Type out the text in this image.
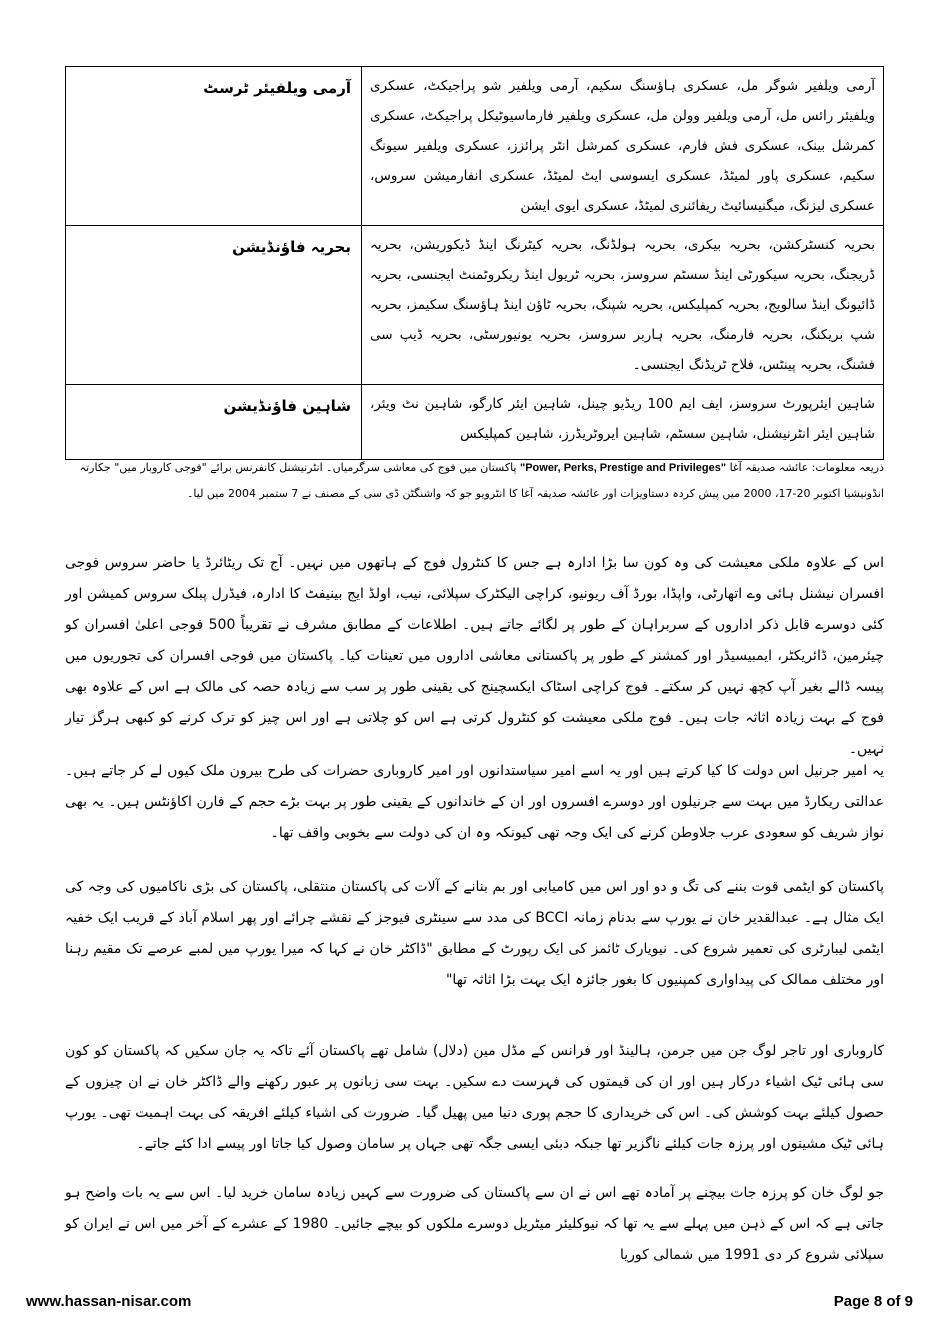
آرمی ویلفیئر ٹرسٹ	آرمی ویلفیر شوگر مل، عسکری ہاؤسنگ سکیم، آرمی ویلفیر شو پراجیکٹ، عسکری ویلفیئر رائس مل، آرمی ویلفیر وولن مل، عسکری ویلفیر فارماسیوٹیکل پراجیکٹ، عسکری کمرشل بینک، عسکری فش فارم، عسکری کمرشل انٹر پرائزز، عسکری ویلفیر سیونگ سکیم، عسکری پاور لمیٹڈ، عسکری ایسوسی ایٹ لمیٹڈ، عسکری انفارمیشن سروس، عسکری لیزنگ، میگنیسائیٹ ریفائنری لمیٹڈ، عسکری ایوی ایشن
بحریہ فاؤنڈیشن	بحریہ کنسٹرکشن، بحریہ بیکری، بحریہ ہولڈنگ، بحریہ کیٹرنگ اینڈ ڈیکوریشن، بحریہ ڈریجنگ، بحریہ سیکورٹی اینڈ سسٹم سروسز، بحریہ ٹریول اینڈ ریکروٹمنٹ ایجنسی، بحریہ ڈائیونگ اینڈ سالویج، بحریہ کمپلیکس، بحریہ شپنگ، بحریہ ٹاؤن اینڈ ہاؤسنگ سکیمز، بحریہ شپ بریکنگ، بحریہ فارمنگ، بحریہ ہاربر سروسز، بحریہ یونیورسٹی، بحریہ ڈیپ سی فشنگ، بحریہ پینٹس، فلاح ٹریڈنگ ایجنسی۔
شاہین فاؤنڈیشن	شاہین ایئرپورٹ سروسز، ایف ایم 100 ریڈیو چینل، شاہین ایئر کارگو، شاہین نٹ ویئر، شاہین ایئر انٹرنیشنل، شاہین سسٹم، شاہین ایروٹریڈرز، شاہین کمپلیکس
ذریعہ معلومات: عائشہ صدیقہ آغا "Power, Perks, Prestige and Privileges" پاکستان میں فوج کی معاشی سرگرمیاں۔ انٹرنیشنل کانفرنس برائے "فوجی کاروبار میں" جکارتہ انڈونیشیا اکتوبر 20-17، 2000 میں پیش کردہ دستاویزات اور عائشہ صدیقہ آغا کا انٹرویو جو کہ واشنگٹن ڈی سی کے مصنف نے 7 ستمبر 2004 میں لیا۔

اس کے علاوہ ملکی معیشت کی وہ کون سا بڑا ادارہ ہے جس کا کنٹرول فوج کے ہاتھوں میں نہیں۔ آج تک ریٹائرڈ یا حاضر سروس فوجی افسران نیشنل ہائی وے اتھارٹی، واپڈا، بورڈ آف ریونیو، کراچی الیکٹرک سپلائی، نیب، اولڈ ایج بینیفٹ کا ادارہ، فیڈرل پبلک سروس کمیشن اور کئی دوسرے قابل ذکر اداروں کے سربراہان کے طور پر لگائے جاتے ہیں۔ اطلاعات کے مطابق مشرف نے تقریباً 500 فوجی اعلیٰ افسران کو چیئرمین، ڈائریکٹر، ایمبیسیڈر اور کمشنر کے طور پر پاکستانی معاشی اداروں میں تعینات کیا۔ پاکستان میں فوجی افسران کی تجوریوں میں پیسہ ڈالے بغیر آپ کچھ نہیں کر سکتے۔ فوج کراچی اسٹاک ایکسچینج کی یقینی طور پر سب سے زیادہ حصہ کی مالک ہے اس کے علاوہ بھی فوج کے بہت زیادہ اثاثہ جات ہیں۔ فوج ملکی معیشت کو کنٹرول کرتی ہے اس کو چلاتی ہے اور اس چیز کو ترک کرنے کو کبھی ہرگز تیار نہیں۔

یہ امیر جرنیل اس دولت کا کیا کرتے ہیں اور یہ اسے امیر سیاستدانوں اور امیر کاروباری حضرات کی طرح بیرون ملک کیوں لے کر جاتے ہیں۔ عدالتی ریکارڈ میں بہت سے جرنیلوں اور دوسرے افسروں اور ان کے خاندانوں کے یقینی طور پر بہت بڑے حجم کے فارن اکاؤنٹس ہیں۔ یہ بھی نواز شریف کو سعودی عرب جلاوطن کرنے کی ایک وجہ تھی کیونکہ وہ ان کی دولت سے بخوبی واقف تھا۔

پاکستان کو ایٹمی قوت بننے کی تگ و دو اور اس میں کامیابی اور بم بنانے کے آلات کی پاکستان منتقلی، پاکستان کی بڑی ناکامیوں کی وجہ کی ایک مثال ہے۔ عبدالقدیر خان نے یورپ سے بدنام زمانہ BCCI کی مدد سے سینٹری فیوجز کے نقشے چرائے اور پھر اسلام آباد کے قریب ایک خفیہ ایٹمی لیبارٹری کی تعمیر شروع کی۔ نیویارک ٹائمز کی ایک رپورٹ کے مطابق "ڈاکٹر خان نے کہا کہ میرا یورپ میں لمبے عرصے تک مقیم رہنا اور مختلف ممالک کی پیداواری کمپنیوں کا بغور جائزہ ایک بہت بڑا اثاثہ تھا"

کاروباری اور تاجر لوگ جن میں جرمن، ہالینڈ اور فرانس کے مڈل مین (دلال) شامل تھے پاکستان آئے تاکہ یہ جان سکیں کہ پاکستان کو کون سی ہائی ٹیک اشیاء درکار ہیں اور ان کی قیمتوں کی فہرست دے سکیں۔ بہت سی زبانوں پر عبور رکھنے والے ڈاکٹر خان نے ان چیزوں کے حصول کیلئے بہت کوشش کی۔ اس کی خریداری کا حجم پوری دنیا میں پھیل گیا۔ ضرورت کی اشیاء کیلئے افریقہ کی بہت اہمیت تھی۔ یورپ ہائی ٹیک مشینوں اور پرزہ جات کیلئے ناگزیر تھا جبکہ دبئی ایسی جگہ تھی جہاں پر سامان وصول کیا جاتا اور پیسے ادا کئے جاتے۔

جو لوگ خان کو پرزہ جات بیچنے پر آمادہ تھے اس نے ان سے پاکستان کی ضرورت سے کہیں زیادہ سامان خرید لیا۔ اس سے یہ بات واضح ہو جاتی ہے کہ اس کے ذہن میں پہلے سے یہ تھا کہ نیوکلیئر میٹریل دوسرے ملکوں کو بیچے جائیں۔ 1980 کے عشرے کے آخر میں اس نے ایران کو سپلائی شروع کر دی 1991 میں شمالی کوریا

www.hassan-nisar.com	Page 8 of 9
